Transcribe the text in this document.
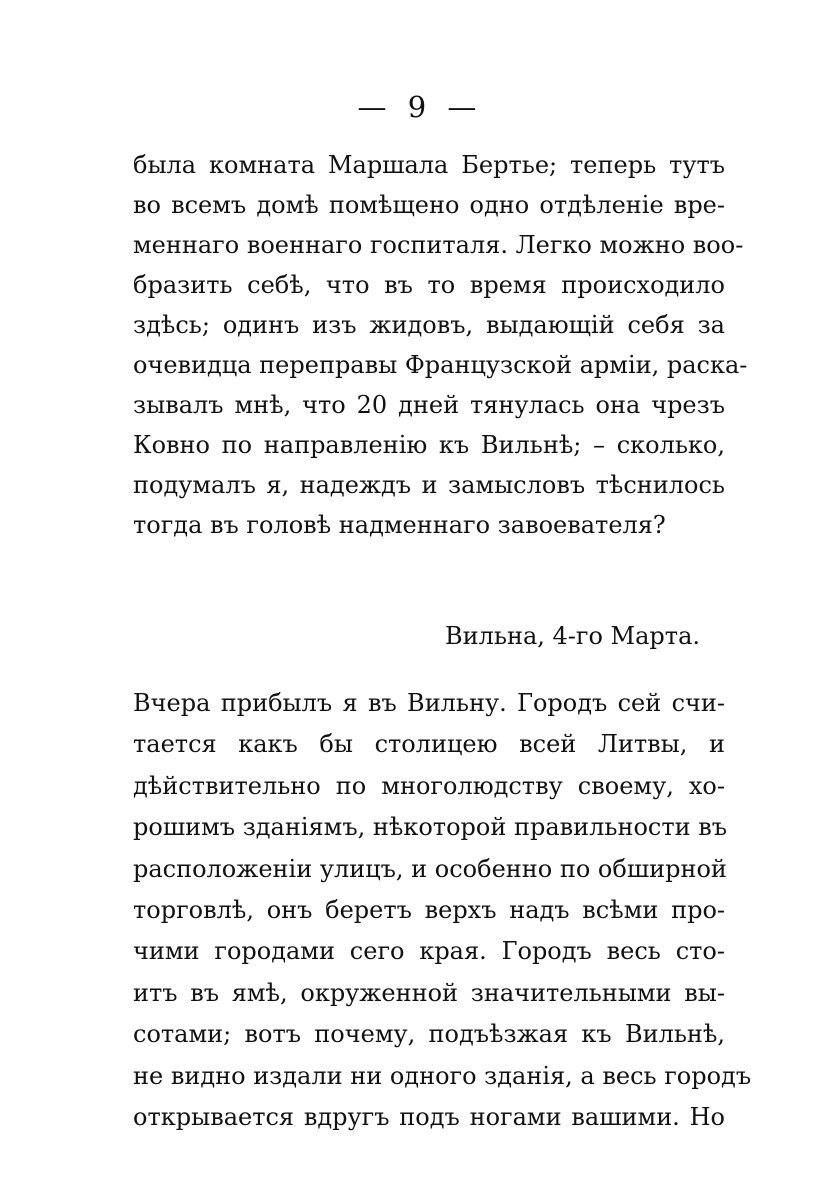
— 9 —
была комната Маршала Бертье; теперь тутъ
во всемъ домѣ помѣщено одно отдѣленіе вре-
меннаго военнаго госпиталя. Легко можно воо-
бразить себѣ, что въ то время происходило
здѣсь; одинъ изъ жидовъ, выдающій себя за
очевидца переправы Французской арміи, раска-
зывалъ мнѣ, что 20 дней тянулась она чрезъ
Ковно по направленію къ Вильнѣ; – сколько,
подумалъ я, надеждъ и замысловъ тѣснилось
тогда въ головѣ надменнаго завоевателя?
Вильна, 4-го Марта.
Вчера прибылъ я въ Вильну. Городъ сей счи-
тается какъ бы столицею всей Литвы, и
дѣйствительно по многолюдству своему, хо-
рошимъ зданіямъ, нѣкоторой правильности въ
расположеніи улицъ, и особенно по обширной
торговлѣ, онъ беретъ верхъ надъ всѣми про-
чими городами сего края. Городъ весь сто-
итъ въ ямѣ, окруженной значительными вы-
сотами; вотъ почему, подъѣзжая къ Вильнѣ,
не видно издали ни одного зданія, а весь городъ
открывается вдругъ подъ ногами вашими. Но
